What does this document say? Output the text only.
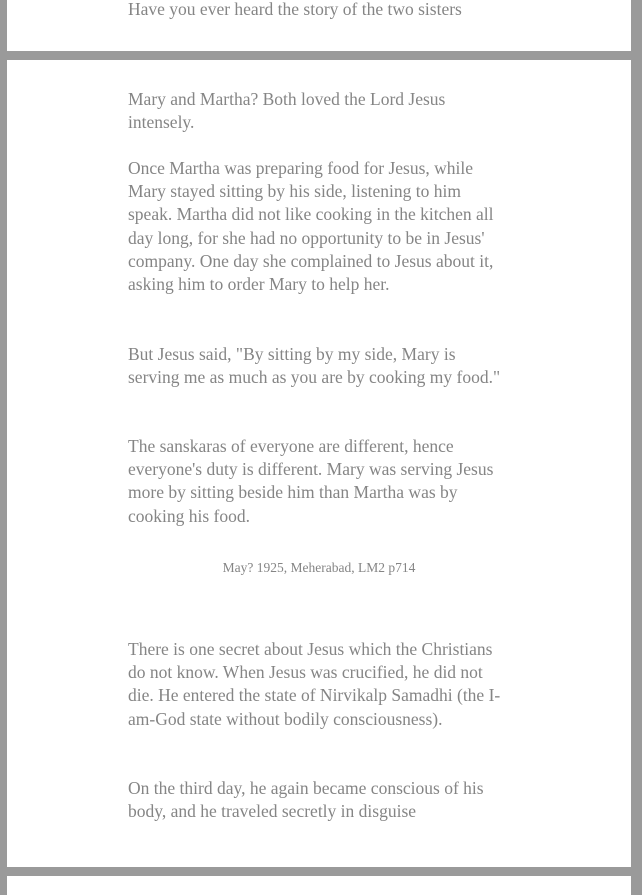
Have you ever heard the story of the two sisters

Mary and Martha? Both loved the Lord Jesus intensely.

Once Martha was preparing food for Jesus, while Mary stayed sitting by his side, listening to him speak. Martha did not like cooking in the kitchen all day long, for she had no opportunity to be in Jesus' company. One day she complained to Jesus about it, asking him to order Mary to help her.

But Jesus said, "By sitting by my side, Mary is serving me as much as you are by cooking my food."

The sanskaras of everyone are different, hence everyone's duty is different. Mary was serving Jesus more by sitting beside him than Martha was by cooking his food.

May? 1925, Meherabad, LM2 p714

There is one secret about Jesus which the Christians do not know. When Jesus was crucified, he did not die. He entered the state of Nirvikalp Samadhi (the I-am-God state without bodily consciousness).

On the third day, he again became conscious of his body, and he traveled secretly in disguise
